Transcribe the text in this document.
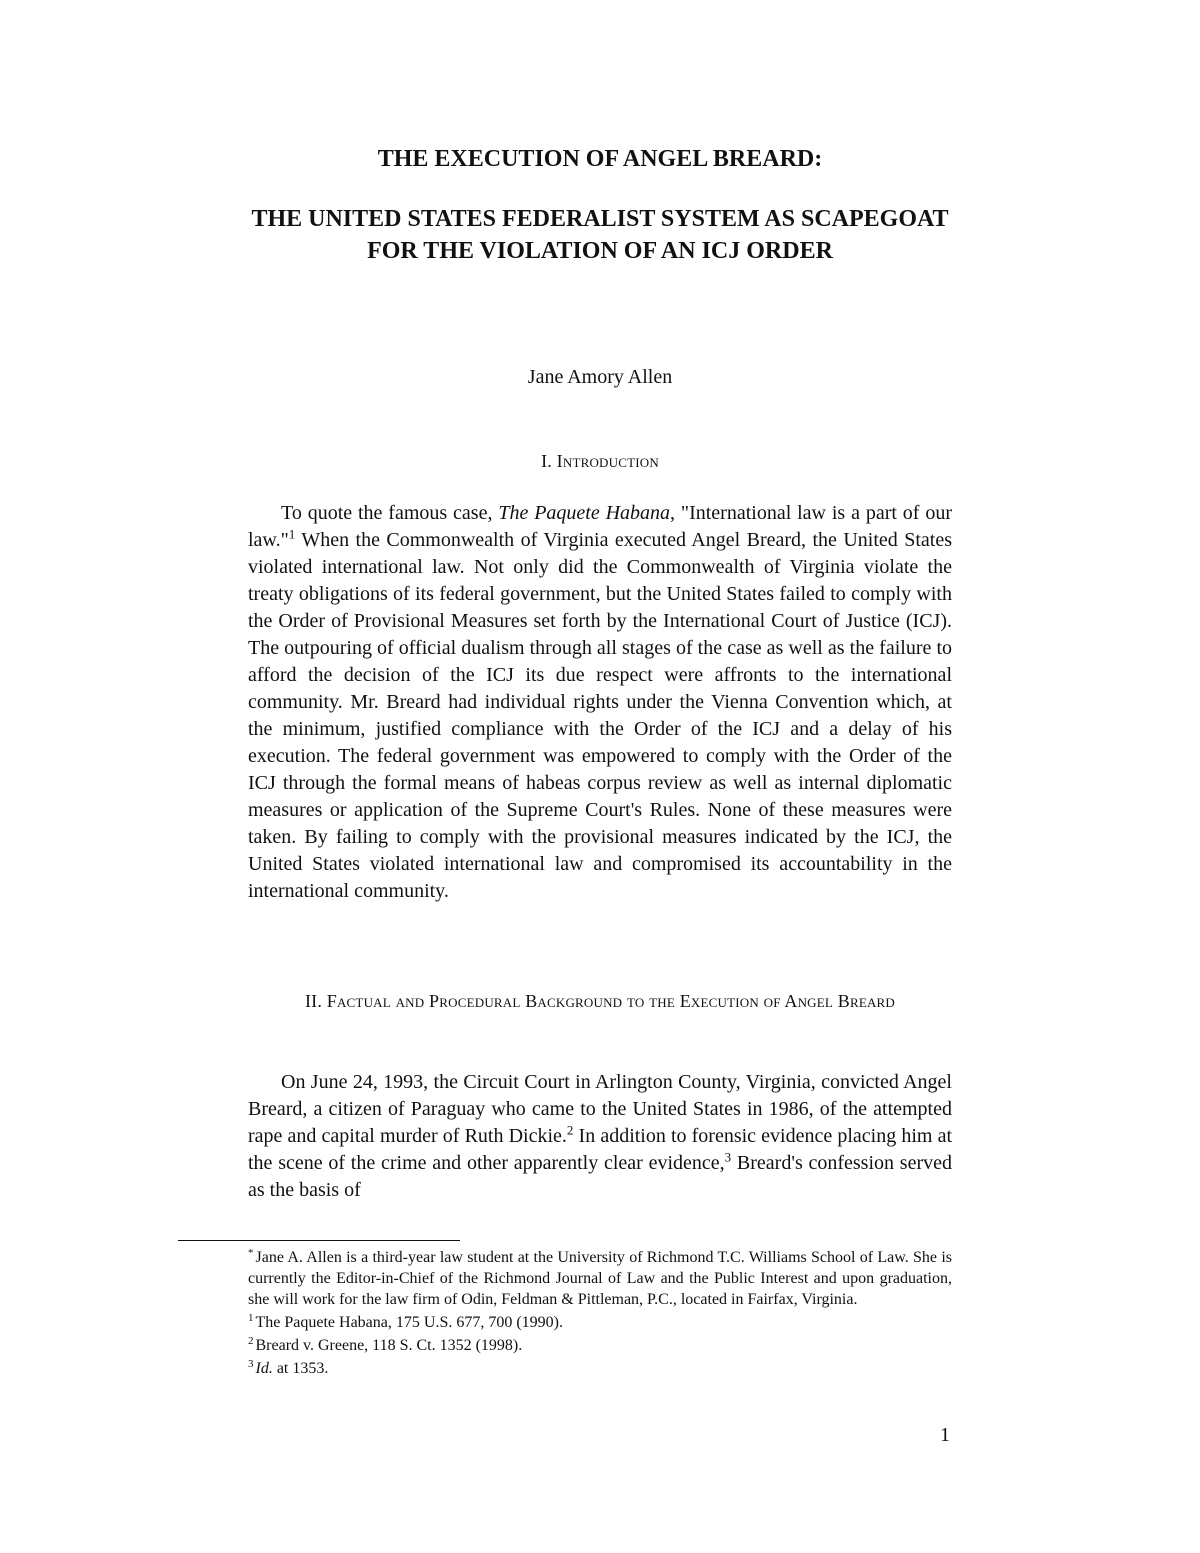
THE EXECUTION OF ANGEL BREARD:
THE UNITED STATES FEDERALIST SYSTEM AS SCAPEGOAT FOR THE VIOLATION OF AN ICJ ORDER
Jane Amory Allen
I. Introduction

To quote the famous case, The Paquete Habana, "International law is a part of our law."$^1$ When the Commonwealth of Virginia executed Angel Breard, the United States violated international law. Not only did the Commonwealth of Virginia violate the treaty obligations of its federal government, but the United States failed to comply with the Order of Provisional Measures set forth by the International Court of Justice (ICJ). The outpouring of official dualism through all stages of the case as well as the failure to afford the decision of the ICJ its due respect were affronts to the international community. Mr. Breard had individual rights under the Vienna Convention which, at the minimum, justified compliance with the Order of the ICJ and a delay of his execution. The federal government was empowered to comply with the Order of the ICJ through the formal means of habeas corpus review as well as internal diplomatic measures or application of the Supreme Court's Rules. None of these measures were taken. By failing to comply with the provisional measures indicated by the ICJ, the United States violated international law and compromised its accountability in the international community.

II. Factual and Procedural Background to the Execution of Angel Breard

On June 24, 1993, the Circuit Court in Arlington County, Virginia, convicted Angel Breard, a citizen of Paraguay who came to the United States in 1986, of the attempted rape and capital murder of Ruth Dickie.$^2$ In addition to forensic evidence placing him at the scene of the crime and other apparently clear evidence,$^3$ Breard's confession served as the basis of

* Jane A. Allen is a third-year law student at the University of Richmond T.C. Williams School of Law. She is currently the Editor-in-Chief of the Richmond Journal of Law and the Public Interest and upon graduation, she will work for the law firm of Odin, Feldman & Pittleman, P.C., located in Fairfax, Virginia.

$^1$ The Paquete Habana, 175 U.S. 677, 700 (1990).

$^2$ Breard v. Greene, 118 S. Ct. 1352 (1998).

$^3$ Id. at 1353.

1
